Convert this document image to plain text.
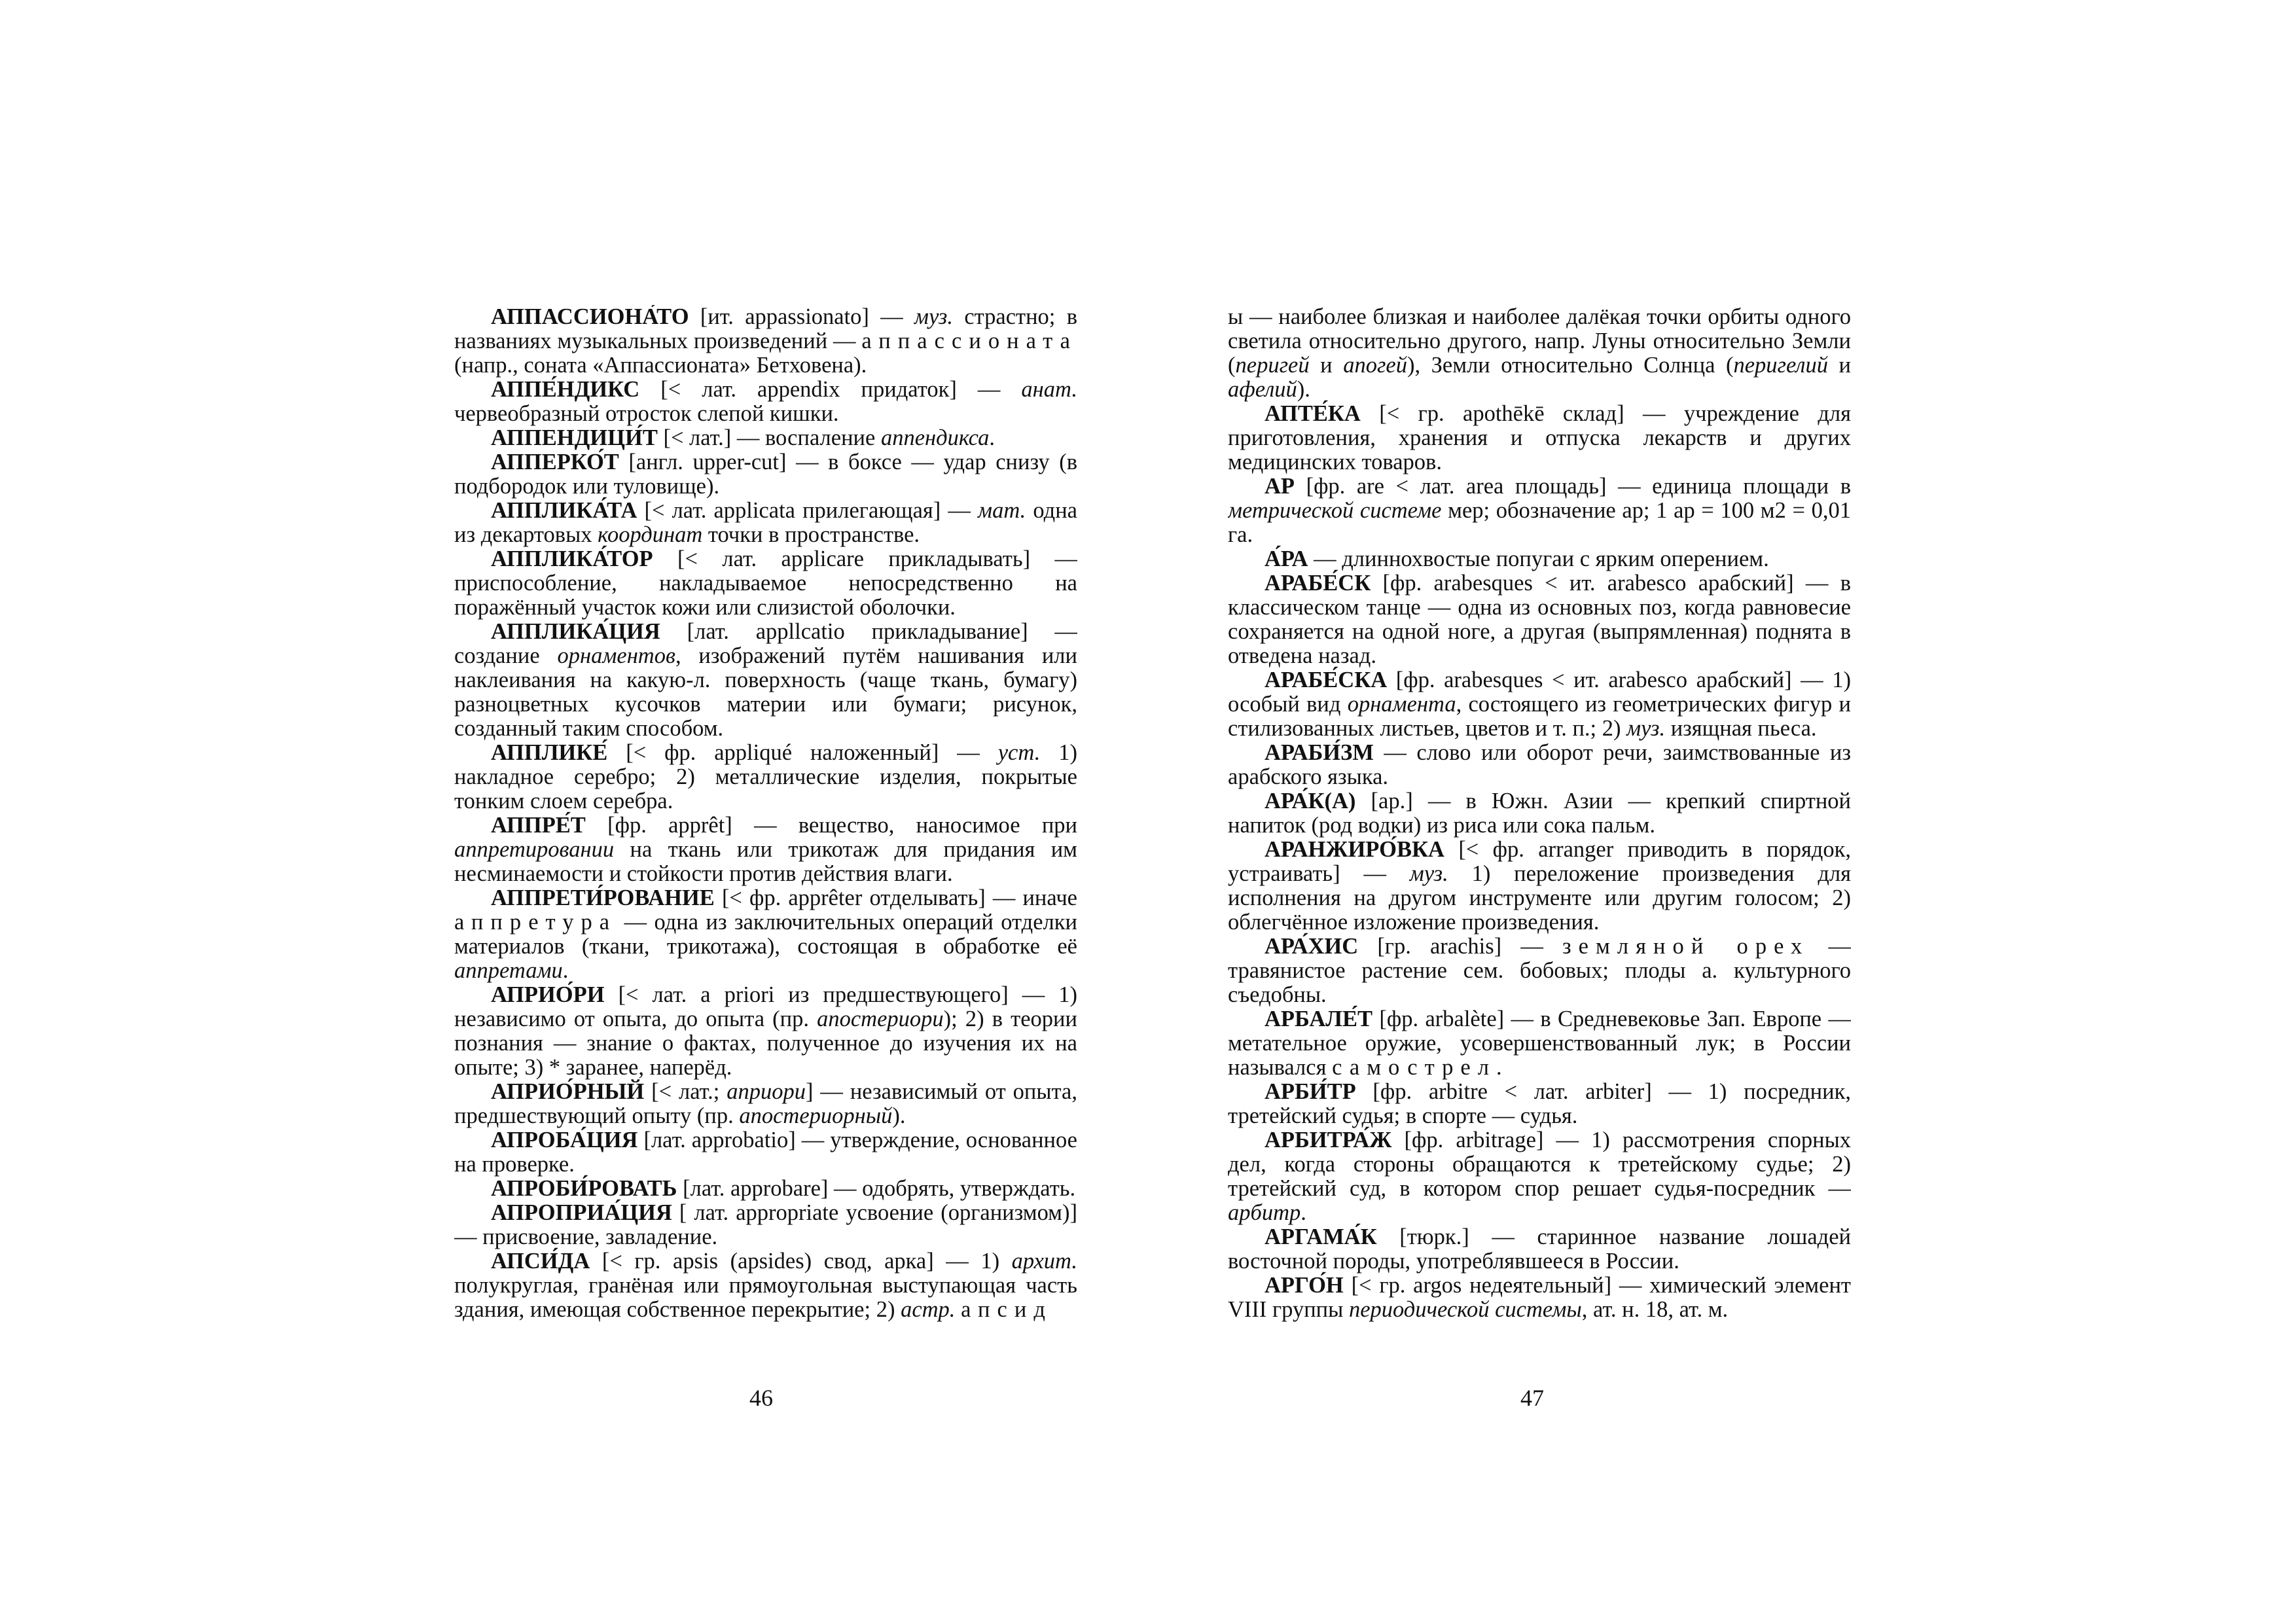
АППАССИОНА́ТО [ит. appassionato] — муз. страстно; в названиях музыкальных произведений — аппассионата (напр., соната «Аппассионата» Бетховена).

АППЕ́НДИКС [< лат. appendix придаток] — анат. червеобразный отросток слепой кишки.

АППЕНДИЦИ́Т [< лат.] — воспаление аппендикса.

АППЕРКО́Т [англ. upper-cut] — в боксе — удар снизу (в подбородок или туловище).

АППЛИКА́ТА [< лат. applicata прилегающая] — мат. одна из декартовых координат точки в пространстве.

АППЛИКА́ТОР [< лат. applicare прикладывать] — приспособление, накладываемое непосредственно на поражённый участок кожи или слизистой оболочки.

АППЛИКА́ЦИЯ [лат. appllcatio прикладывание] — создание орнаментов, изображений путём нашивания или наклеивания на какую-л. поверхность (чаще ткань, бумагу) разноцветных кусочков материи или бумаги; рисунок, созданный таким способом.

АППЛИКЕ́ [< фр. appliqué наложенный] — уст. 1) накладное серебро; 2) металлические изделия, покрытые тонким слоем серебра.

АППРЕ́Т [фр. apprêt] — вещество, наносимое при аппретировании на ткань или трикотаж для придания им несминаемости и стойкости против действия влаги.

АППРЕТИ́РОВАНИЕ [< фр. apprêter отделывать] — иначе аппретура — одна из заключительных операций отделки материалов (ткани, трикотажа), состоящая в обработке её аппретами.

АПРИО́РИ [< лат. a priori из предшествующего] — 1) независимо от опыта, до опыта (пр. апостериори); 2) в теории познания — знание о фактах, полученное до изучения их на опыте; 3) * заранее, наперёд.

АПРИО́РНЫЙ [< лат.; априори] — независимый от опыта, предшествующий опыту (пр. апостериорный).

АПРОБА́ЦИЯ [лат. approbatio] — утверждение, основанное на проверке.

АПРОБИ́РОВАТЬ [лат. approbare] — одобрять, утверждать.

АПРОПРИА́ЦИЯ [ лат. appropriate усвоение (организмом)] — присвоение, завладение.

АПСИ́ДА [< гр. apsis (apsides) свод, арка] — 1) архит. полукруглая, гранёная или прямоугольная выступающая часть здания, имеющая собственное перекрытие; 2) астр. апсид

46

ы — наиболее близкая и наиболее далёкая точки орбиты одного светила относительно другого, напр. Луны относительно Земли (перигей и апогей), Земли относительно Солнца (перигелий и афелий).

АПТЕ́КА [< гр. apothēkē склад] — учреждение для приготовления, хранения и отпуска лекарств и других медицинских товаров.

АР [фр. are < лат. area площадь] — единица площади в метрической системе мер; обозначение ар; 1 ар = 100 м2 = 0,01 га.

А́РА — длиннохвостые попугаи с ярким оперением.

АРАБЕ́СК [фр. arabesques < ит. arabesco арабский] — в классическом танце — одна из основных поз, когда равновесие сохраняется на одной ноге, а другая (выпрямленная) поднята в отведена назад.

АРАБЕ́СКА [фр. arabesques < ит. arabesco арабский] — 1) особый вид орнамента, состоящего из геометрических фигур и стилизованных листьев, цветов и т. п.; 2) муз. изящная пьеса.

АРАБИ́ЗМ — слово или оборот речи, заимствованные из арабского языка.

АРА́К(А) [ар.] — в Южн. Азии — крепкий спиртной напиток (род водки) из риса или сока пальм.

АРАНЖИРО́ВКА [< фр. arranger приводить в порядок, устраивать] — муз. 1) переложение произведения для исполнения на другом инструменте или другим голосом; 2) облегчённое изложение произведения.

АРА́ХИС [гр. arachis] — земляной орех — травянистое растение сем. бобовых; плоды а. культурного съедобны.

АРБАЛЕ́Т [фр. arbalète] — в Средневековье Зап. Европе — метательное оружие, усовершенствованный лук; в России назывался самострел.

АРБИ́ТР [фр. arbitre < лат. arbiter] — 1) посредник, третейский судья; в спорте — судья.

АРБИТРА́Ж [фр. arbitrage] — 1) рассмотрения спорных дел, когда стороны обращаются к третейскому судье; 2) третейский суд, в котором спор решает судья-посредник — арбитр.

АРГАМА́К [тюрк.] — старинное название лошадей восточной породы, употреблявшееся в России.

АРГО́Н [< гр. argos недеятельный] — химический элемент VIII группы периодической системы, ат. н. 18, ат. м.

47
